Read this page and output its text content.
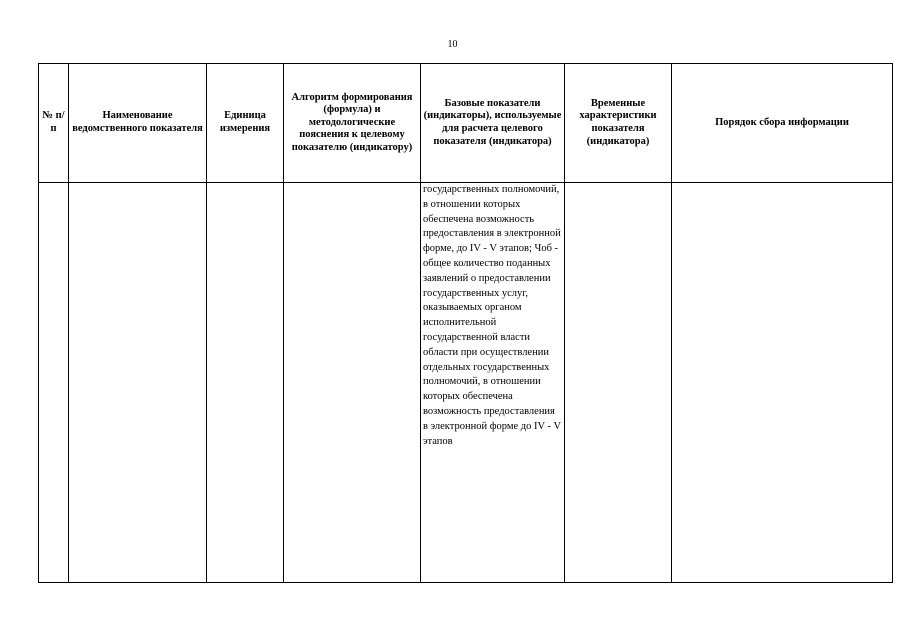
10
№ п/п	Наименование ведомственного показателя	Единица измерения	Алгоритм формирования (формула) и методологические пояснения к целевому показателю (индикатору)	Базовые показатели (индикаторы), используемые для расчета целевого показателя (индикатора)	Временные характеристики показателя (индикатора)	Порядок сбора информации
				государственных полномочий, в отношении которых обеспечена возможность предоставления в электронной форме, до IV - V этапов; Чоб - общее количество поданных заявлений о предоставлении государственных услуг, оказываемых органом исполнительной государственной власти области при осуществлении отдельных государственных полномочий, в отношении которых обеспечена возможность предоставления в электронной форме до IV - V этапов		
